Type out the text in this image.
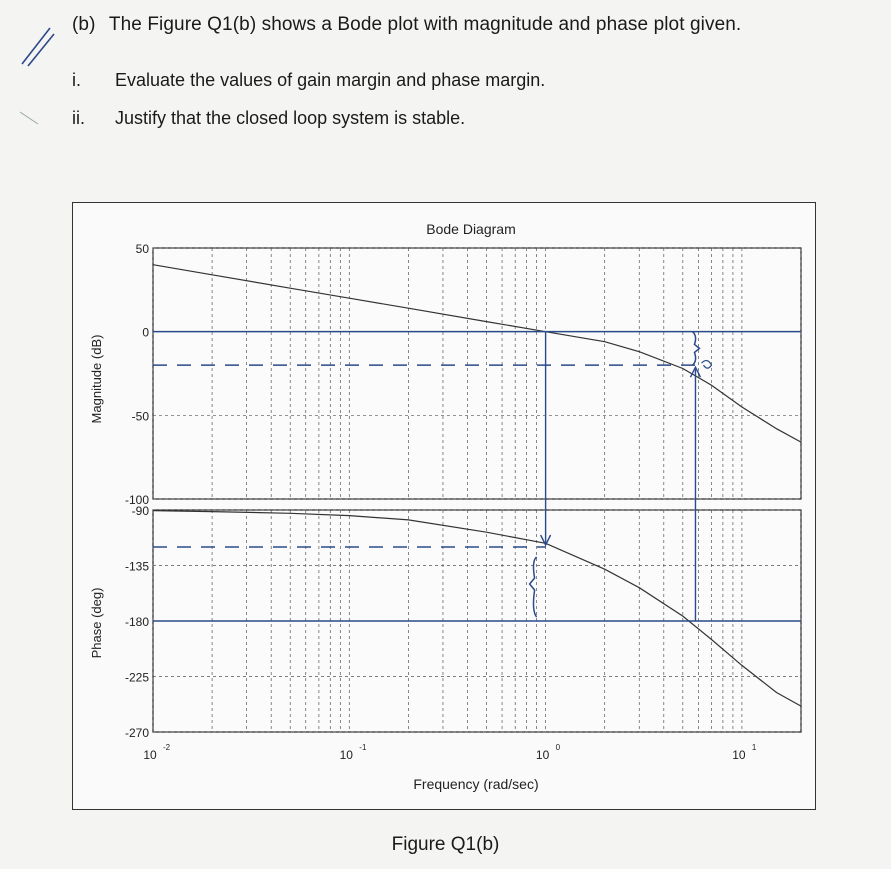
(b) The Figure Q1(b) shows a Bode plot with magnitude and phase plot given.
i. Evaluate the values of gain margin and phase margin.
ii. Justify that the closed loop system is stable.
Bode Diagram
Frequency (rad/sec)
Magnitude (dB)
Phase (deg)
50
0
-50
-100
-90
-135
-180
-225
-270
10
-2
10
-1
10
0
10
1
Figure Q1(b)
